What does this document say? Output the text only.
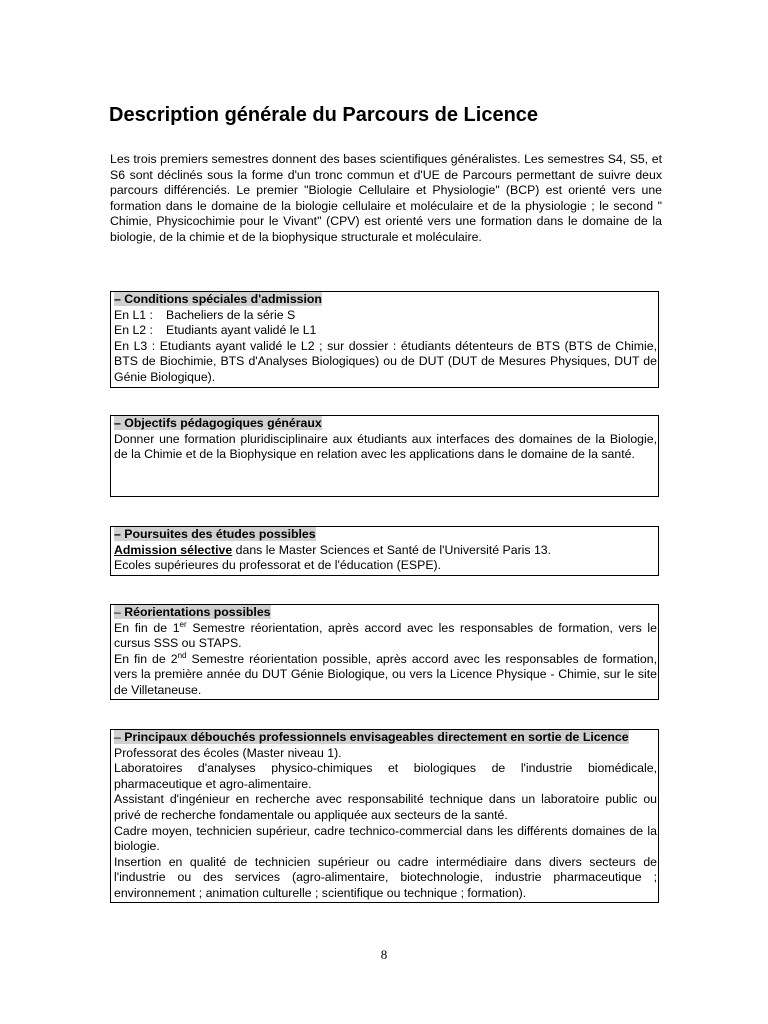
Description générale du Parcours de Licence

Les trois premiers semestres donnent des bases scientifiques généralistes. Les semestres S4, S5, et S6 sont déclinés sous la forme d'un tronc commun et d'UE de Parcours permettant de suivre deux parcours différenciés. Le premier "Biologie Cellulaire et Physiologie" (BCP) est orienté vers une formation dans le domaine de la biologie cellulaire et moléculaire et de la physiologie ; le second " Chimie, Physicochimie pour le Vivant" (CPV) est orienté vers une formation dans le domaine de la biologie, de la chimie et de la biophysique structurale et moléculaire.

– Conditions spéciales d'admission

En L1 : Bacheliers de la série S

En L2 : Etudiants ayant validé le L1

En L3 : Etudiants ayant validé le L2 ; sur dossier : étudiants détenteurs de BTS (BTS de Chimie, BTS de Biochimie, BTS d'Analyses Biologiques) ou de DUT (DUT de Mesures Physiques, DUT de Génie Biologique).

– Objectifs pédagogiques généraux

Donner une formation pluridisciplinaire aux étudiants aux interfaces des domaines de la Biologie, de la Chimie et de la Biophysique en relation avec les applications dans le domaine de la santé.

– Poursuites des études possibles

Admission sélective dans le Master Sciences et Santé de l'Université Paris 13.

Ecoles supérieures du professorat et de l'éducation (ESPE).

– Réorientations possibles

En fin de 1er Semestre réorientation, après accord avec les responsables de formation, vers le cursus SSS ou STAPS.

En fin de 2nd Semestre réorientation possible, après accord avec les responsables de formation, vers la première année du DUT Génie Biologique, ou vers la Licence Physique - Chimie, sur le site de Villetaneuse.

– Principaux débouchés professionnels envisageables directement en sortie de Licence

Professorat des écoles (Master niveau 1).

Laboratoires d'analyses physico-chimiques et biologiques de l'industrie biomédicale, pharmaceutique et agro-alimentaire.

Assistant d'ingénieur en recherche avec responsabilité technique dans un laboratoire public ou privé de recherche fondamentale ou appliquée aux secteurs de la santé.

Cadre moyen, technicien supérieur, cadre technico-commercial dans les différents domaines de la biologie.

Insertion en qualité de technicien supérieur ou cadre intermédiaire dans divers secteurs de l'industrie ou des services (agro-alimentaire, biotechnologie, industrie pharmaceutique ; environnement ; animation culturelle ; scientifique ou technique ; formation).

8
